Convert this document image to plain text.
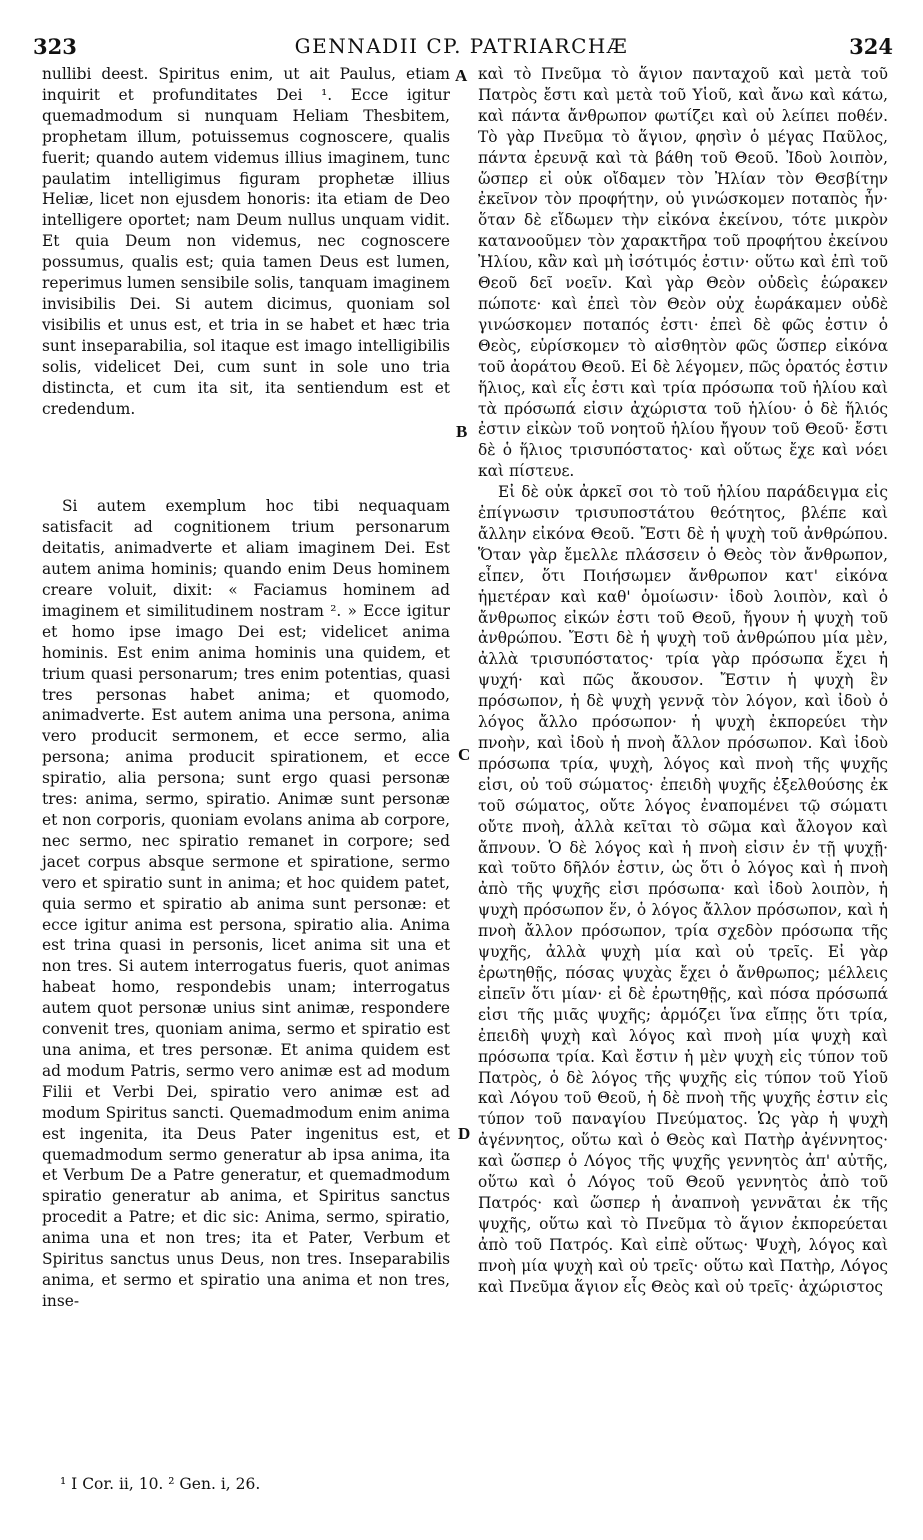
323	GENNADII CP. PATRIARCHÆ	324

nullibi deest. Spiritus enim, ut ait Paulus, etiam inquirit et profunditates Dei ¹. Ecce igitur quemadmodum si nunquam Heliam Thesbitem, prophetam illum, potuissemus cognoscere, qualis fuerit; quando autem videmus illius imaginem, tunc paulatim intelligimus figuram prophetæ illius Heliæ, licet non ejusdem honoris: ita etiam de Deo intelligere oportet; nam Deum nullus unquam vidit. Et quia Deum non videmus, nec cognoscere possumus, qualis est; quia tamen Deus est lumen, reperimus lumen sensibile solis, tanquam imaginem invisibilis Dei. Si autem dicimus, quoniam sol visibilis et unus est, et tria in se habet et hæc tria sunt inseparabilia, sol itaque est imago intelligibilis solis, videlicet Dei, cum sunt in sole uno tria distincta, et cum ita sit, ita sentiendum est et credendum.

Si autem exemplum hoc tibi nequaquam satisfacit ad cognitionem trium personarum deitatis, animadverte et aliam imaginem Dei. Est autem anima hominis; quando enim Deus hominem creare voluit, dixit: « Faciamus hominem ad imaginem et similitudinem nostram ². » Ecce igitur et homo ipse imago Dei est; videlicet anima hominis. Est enim anima hominis una quidem, et trium quasi personarum; tres enim potentias, quasi tres personas habet anima; et quomodo, animadverte. Est autem anima una persona, anima vero producit sermonem, et ecce sermo, alia persona; anima producit spirationem, et ecce spiratio, alia persona; sunt ergo quasi personæ tres: anima, sermo, spiratio. Animæ sunt personæ et non corporis, quoniam evolans anima ab corpore, nec sermo, nec spiratio remanet in corpore; sed jacet corpus absque sermone et spiratione, sermo vero et spiratio sunt in anima; et hoc quidem patet, quia sermo et spiratio ab anima sunt personæ: et ecce igitur anima est persona, spiratio alia. Anima est trina quasi in personis, licet anima sit una et non tres. Si autem interrogatus fueris, quot animas habeat homo, respondebis unam; interrogatus autem quot personæ unius sint animæ, respondere convenit tres, quoniam anima, sermo et spiratio est una anima, et tres personæ. Et anima quidem est ad modum Patris, sermo vero animæ est ad modum Filii et Verbi Dei, spiratio vero animæ est ad modum Spiritus sancti. Quemadmodum enim anima est ingenita, ita Deus Pater ingenitus est, et quemadmodum sermo generatur ab ipsa anima, ita et Verbum De a Patre generatur, et quemadmodum spiratio generatur ab anima, et Spiritus sanctus procedit a Patre; et dic sic: Anima, sermo, spiratio, anima una et non tres; ita et Pater, Verbum et Spiritus sanctus unus Deus, non tres. Inseparabilis anima, et sermo et spiratio una anima et non tres, inse-

A
B
C
D

καὶ τὸ Πνεῦμα τὸ ἅγιον πανταχοῦ καὶ μετὰ τοῦ Πατρὸς ἔστι καὶ μετὰ τοῦ Υἱοῦ, καὶ ἄνω καὶ κάτω, καὶ πάντα ἄνθρωπον φωτίζει καὶ οὐ λείπει ποθέν. Τὸ γὰρ Πνεῦμα τὸ ἅγιον, φησὶν ὁ μέγας Παῦλος, πάντα ἐρευνᾷ καὶ τὰ βάθη τοῦ Θεοῦ. Ἰδοὺ λοιπὸν, ὥσπερ εἰ οὐκ οἴδαμεν τὸν Ἠλίαν τὸν Θεσβίτην ἐκεῖνον τὸν προφήτην, οὐ γινώσκομεν ποταπὸς ἦν· ὅταν δὲ εἴδωμεν τὴν εἰκόνα ἐκείνου, τότε μικρὸν κατανοοῦμεν τὸν χαρακτῆρα τοῦ προφήτου ἐκείνου Ἠλίου, κἂν καὶ μὴ ἰσότιμός ἐστιν· οὕτω καὶ ἐπὶ τοῦ Θεοῦ δεῖ νοεῖν. Καὶ γὰρ Θεὸν οὐδεὶς ἑώρακεν πώποτε· καὶ ἐπεὶ τὸν Θεὸν οὐχ ἑωράκαμεν οὐδὲ γινώσκομεν ποταπός ἐστι· ἐπεὶ δὲ φῶς ἐστιν ὁ Θεὸς, εὑρίσκομεν τὸ αἰσθητὸν φῶς ὥσπερ εἰκόνα τοῦ ἀοράτου Θεοῦ. Εἰ δὲ λέγομεν, πῶς ὁρατός ἐστιν ἥλιος, καὶ εἷς ἐστι καὶ τρία πρόσωπα τοῦ ἡλίου καὶ τὰ πρόσωπά εἰσιν ἀχώριστα τοῦ ἡλίου· ὁ δὲ ἥλιός ἐστιν εἰκὼν τοῦ νοητοῦ ἡλίου ἤγουν τοῦ Θεοῦ· ἔστι δὲ ὁ ἥλιος τρισυπόστατος· καὶ οὕτως ἔχε καὶ νόει καὶ πίστευε.

Εἰ δὲ οὐκ ἀρκεῖ σοι τὸ τοῦ ἡλίου παράδειγμα εἰς ἐπίγνωσιν τρισυποστάτου θεότητος, βλέπε καὶ ἄλλην εἰκόνα Θεοῦ. Ἔστι δὲ ἡ ψυχὴ τοῦ ἀνθρώπου. Ὅταν γὰρ ἔμελλε πλάσσειν ὁ Θεὸς τὸν ἄνθρωπον, εἶπεν, ὅτι Ποιήσωμεν ἄνθρωπον κατ' εἰκόνα ἡμετέραν καὶ καθ' ὁμοίωσιν· ἰδοὺ λοιπὸν, καὶ ὁ ἄνθρωπος εἰκών ἐστι τοῦ Θεοῦ, ἤγουν ἡ ψυχὴ τοῦ ἀνθρώπου. Ἔστι δὲ ἡ ψυχὴ τοῦ ἀνθρώπου μία μὲν, ἀλλὰ τρισυπόστατος· τρία γὰρ πρόσωπα ἔχει ἡ ψυχή· καὶ πῶς ἄκουσον. Ἔστιν ἡ ψυχὴ ἓν πρόσωπον, ἡ δὲ ψυχὴ γεννᾷ τὸν λόγον, καὶ ἰδοὺ ὁ λόγος ἄλλο πρόσωπον· ἡ ψυχὴ ἐκπορεύει τὴν πνοὴν, καὶ ἰδοὺ ἡ πνοὴ ἄλλον πρόσωπον. Καὶ ἰδοὺ πρόσωπα τρία, ψυχὴ, λόγος καὶ πνοὴ τῆς ψυχῆς εἰσι, οὐ τοῦ σώματος· ἐπειδὴ ψυχῆς ἐξελθούσης ἐκ τοῦ σώματος, οὔτε λόγος ἐναπομένει τῷ σώματι οὔτε πνοὴ, ἀλλὰ κεῖται τὸ σῶμα καὶ ἄλογον καὶ ἄπνουν. Ὁ δὲ λόγος καὶ ἡ πνοὴ εἰσιν ἐν τῇ ψυχῇ· καὶ τοῦτο δῆλόν ἐστιν, ὡς ὅτι ὁ λόγος καὶ ἡ πνοὴ ἀπὸ τῆς ψυχῆς εἰσι πρόσωπα· καὶ ἰδοὺ λοιπὸν, ἡ ψυχὴ πρόσωπον ἕν, ὁ λόγος ἄλλον πρόσωπον, καὶ ἡ πνοὴ ἄλλον πρόσωπον, τρία σχεδὸν πρόσωπα τῆς ψυχῆς, ἀλλὰ ψυχὴ μία καὶ οὐ τρεῖς. Εἰ γὰρ ἐρωτηθῇς, πόσας ψυχὰς ἔχει ὁ ἄνθρωπος; μέλλεις εἰπεῖν ὅτι μίαν· εἰ δὲ ἐρωτηθῇς, καὶ πόσα πρόσωπά εἰσι τῆς μιᾶς ψυχῆς; ἁρμόζει ἵνα εἴπῃς ὅτι τρία, ἐπειδὴ ψυχὴ καὶ λόγος καὶ πνοὴ μία ψυχὴ καὶ πρόσωπα τρία. Καὶ ἔστιν ἡ μὲν ψυχὴ εἰς τύπον τοῦ Πατρὸς, ὁ δὲ λόγος τῆς ψυχῆς εἰς τύπον τοῦ Υἱοῦ καὶ Λόγου τοῦ Θεοῦ, ἡ δὲ πνοὴ τῆς ψυχῆς ἐστιν εἰς τύπον τοῦ παναγίου Πνεύματος. Ὡς γὰρ ἡ ψυχὴ ἀγέννητος, οὕτω καὶ ὁ Θεὸς καὶ Πατὴρ ἀγέννητος· καὶ ὥσπερ ὁ Λόγος τῆς ψυχῆς γεννητὸς ἀπ' αὐτῆς, οὕτω καὶ ὁ Λόγος τοῦ Θεοῦ γεννητὸς ἀπὸ τοῦ Πατρός· καὶ ὥσπερ ἡ ἀναπνοὴ γεννᾶται ἐκ τῆς ψυχῆς, οὕτω καὶ τὸ Πνεῦμα τὸ ἅγιον ἐκπορεύεται ἀπὸ τοῦ Πατρός. Καὶ εἰπὲ οὕτως· Ψυχὴ, λόγος καὶ πνοὴ μία ψυχὴ καὶ οὐ τρεῖς· οὕτω καὶ Πατὴρ, Λόγος καὶ Πνεῦμα ἅγιον εἷς Θεὸς καὶ οὐ τρεῖς· ἀχώριστος

¹ I Cor. ii, 10. ² Gen. i, 26.
